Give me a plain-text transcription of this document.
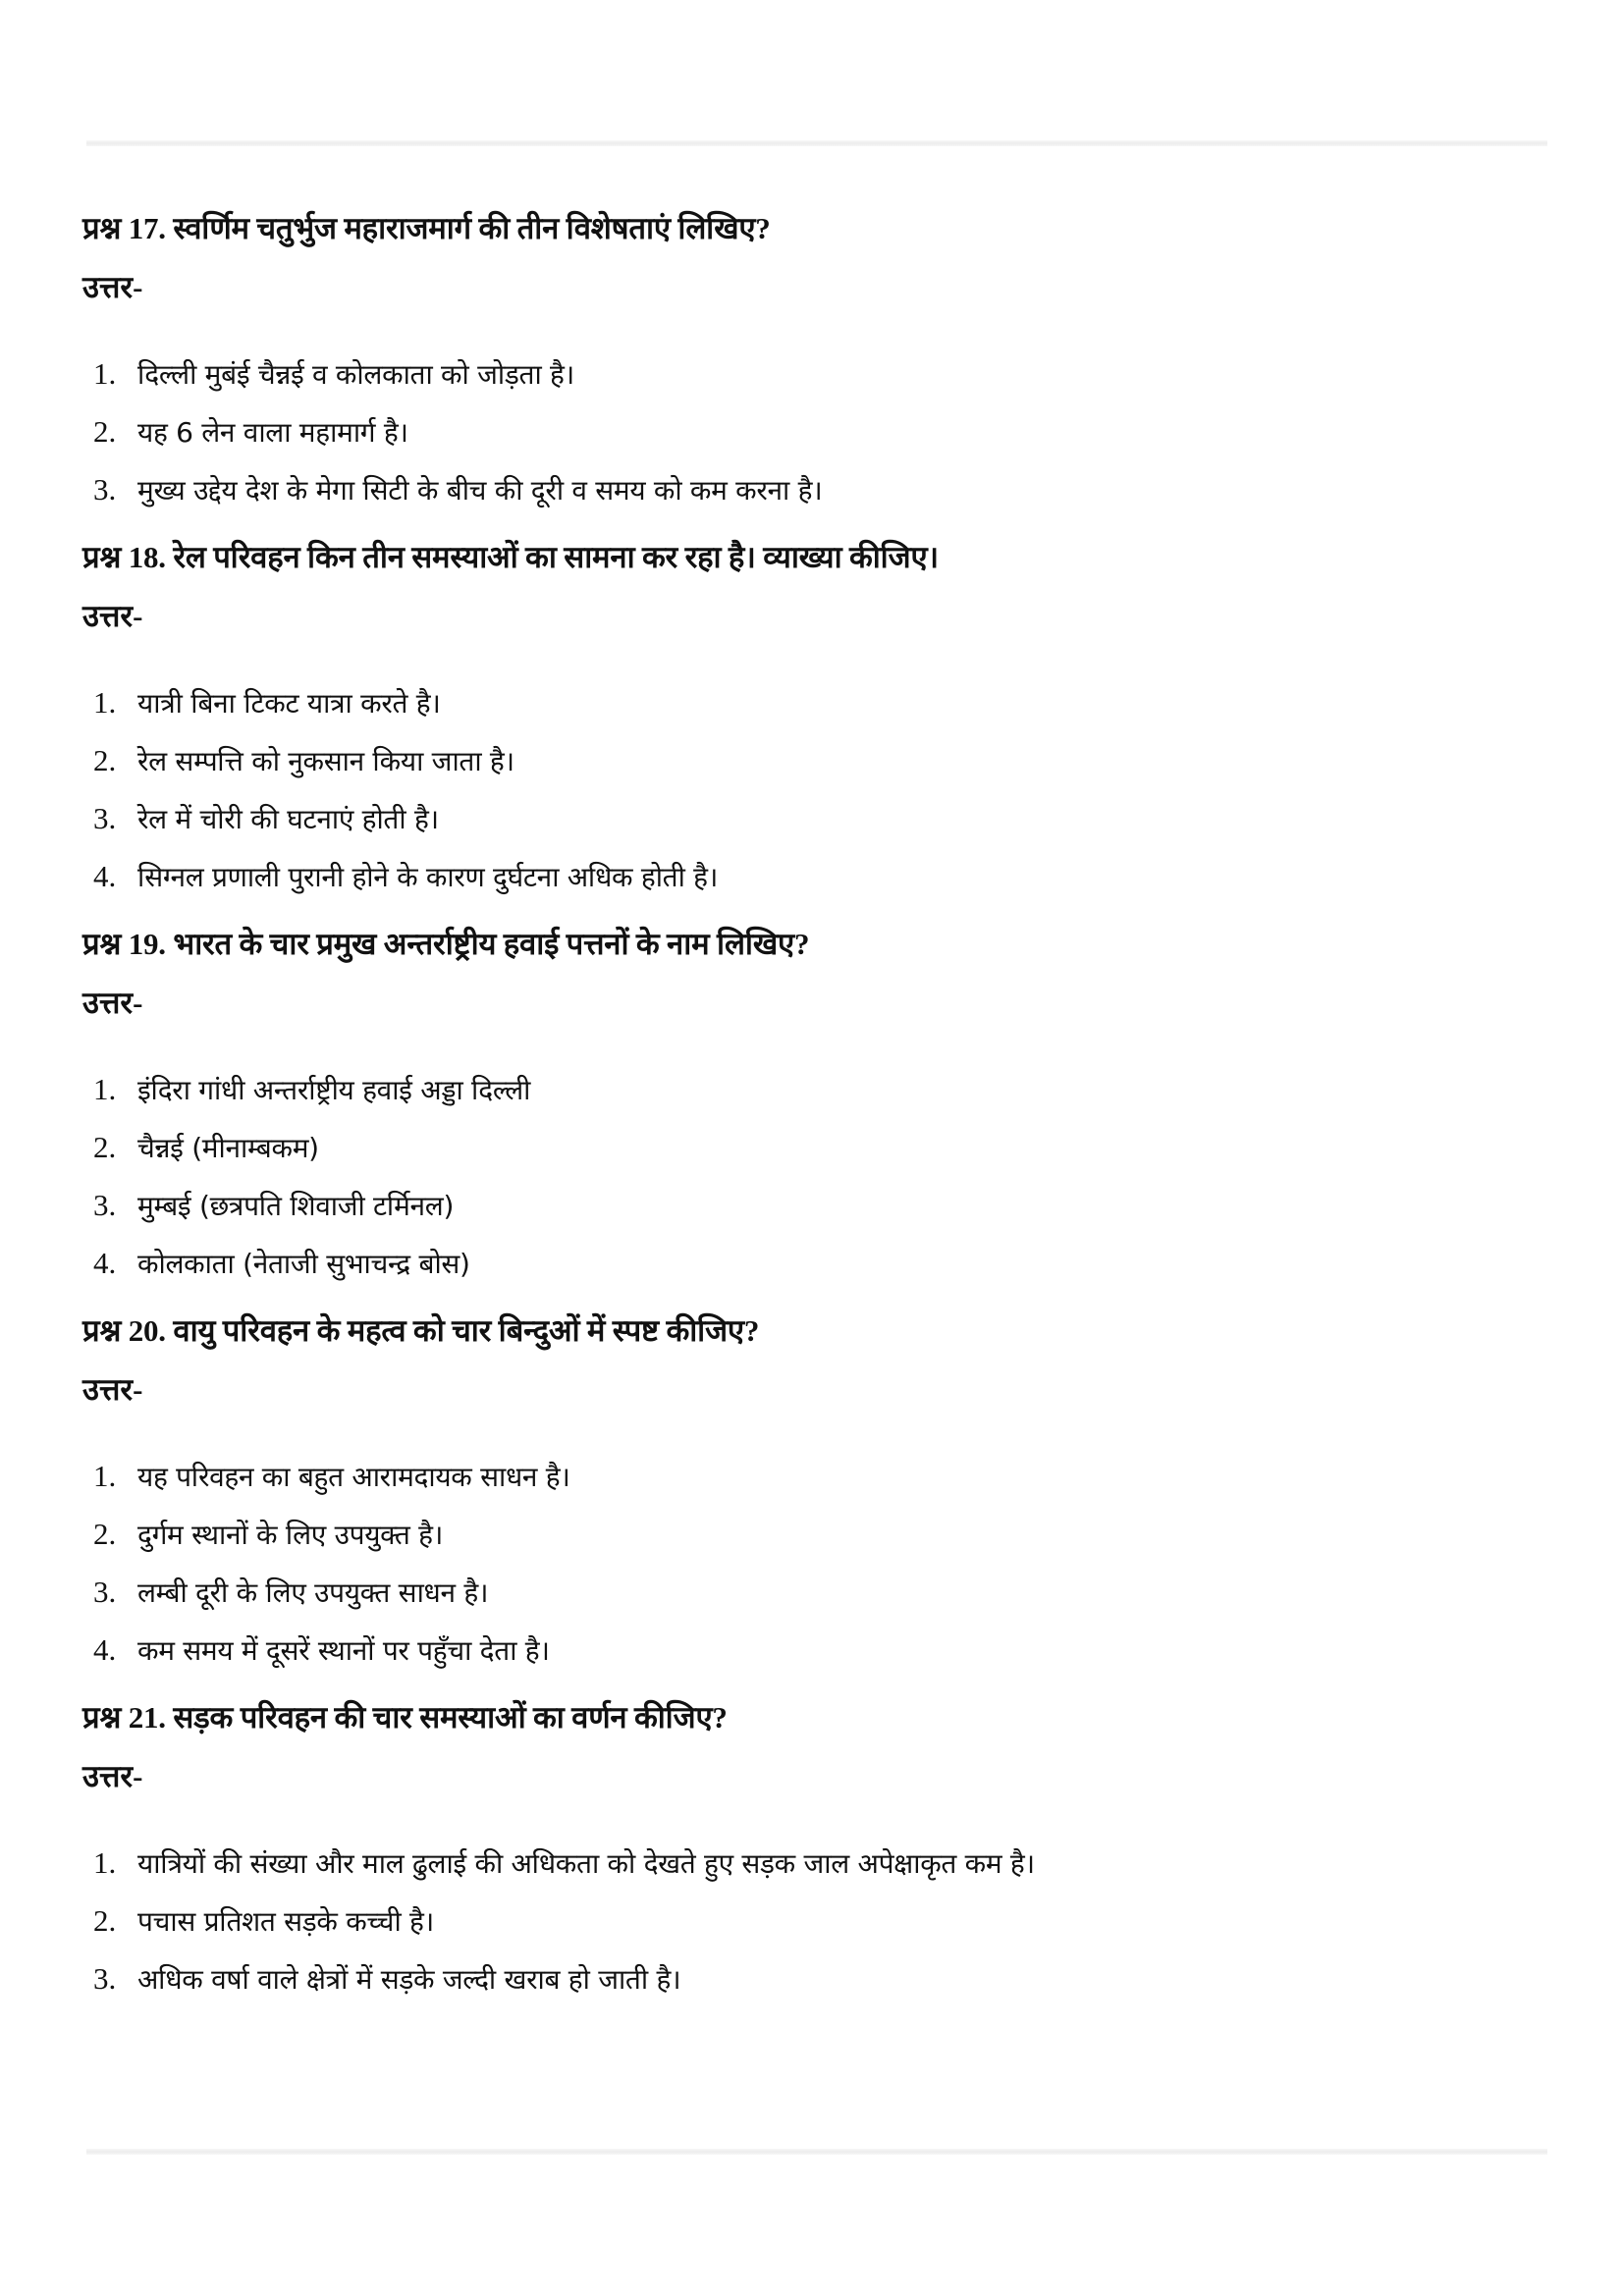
प्रश्न 17. स्वर्णिम चतुर्भुज महाराजमार्ग की तीन विशेषताएं लिखिए?

उत्तर-

1. दिल्ली मुबंई चैन्नई व कोलकाता को जोड़ता है।
2. यह 6 लेन वाला महामार्ग है।
3. मुख्य उद्देय देश के मेगा सिटी के बीच की दूरी व समय को कम करना है।

प्रश्न 18. रेल परिवहन किन तीन समस्याओं का सामना कर रहा है। व्याख्या कीजिए।

उत्तर-

1. यात्री बिना टिकट यात्रा करते है।
2. रेल सम्पत्ति को नुकसान किया जाता है।
3. रेल में चोरी की घटनाएं होती है।
4. सिग्नल प्रणाली पुरानी होने के कारण दुर्घटना अधिक होती है।

प्रश्न 19. भारत के चार प्रमुख अन्तर्राष्ट्रीय हवाई पत्तनों के नाम लिखिए?

उत्तर-

1. इंदिरा गांधी अन्तर्राष्ट्रीय हवाई अड्डा दिल्ली
2. चैन्नई (मीनाम्बकम)
3. मुम्बई (छत्रपति शिवाजी टर्मिनल)
4. कोलकाता (नेताजी सुभाचन्द्र बोस)

प्रश्न 20. वायु परिवहन के महत्व को चार बिन्दुओं में स्पष्ट कीजिए?

उत्तर-

1. यह परिवहन का बहुत आरामदायक साधन है।
2. दुर्गम स्थानों के लिए उपयुक्त है।
3. लम्बी दूरी के लिए उपयुक्त साधन है।
4. कम समय में दूसरें स्थानों पर पहुँचा देता है।

प्रश्न 21. सड़क परिवहन की चार समस्याओं का वर्णन कीजिए?

उत्तर-

1. यात्रियों की संख्या और माल ढुलाई की अधिकता को देखते हुए सड़क जाल अपेक्षाकृत कम है।
2. पचास प्रतिशत सड़के कच्ची है।
3. अधिक वर्षा वाले क्षेत्रों में सड़के जल्दी खराब हो जाती है।
